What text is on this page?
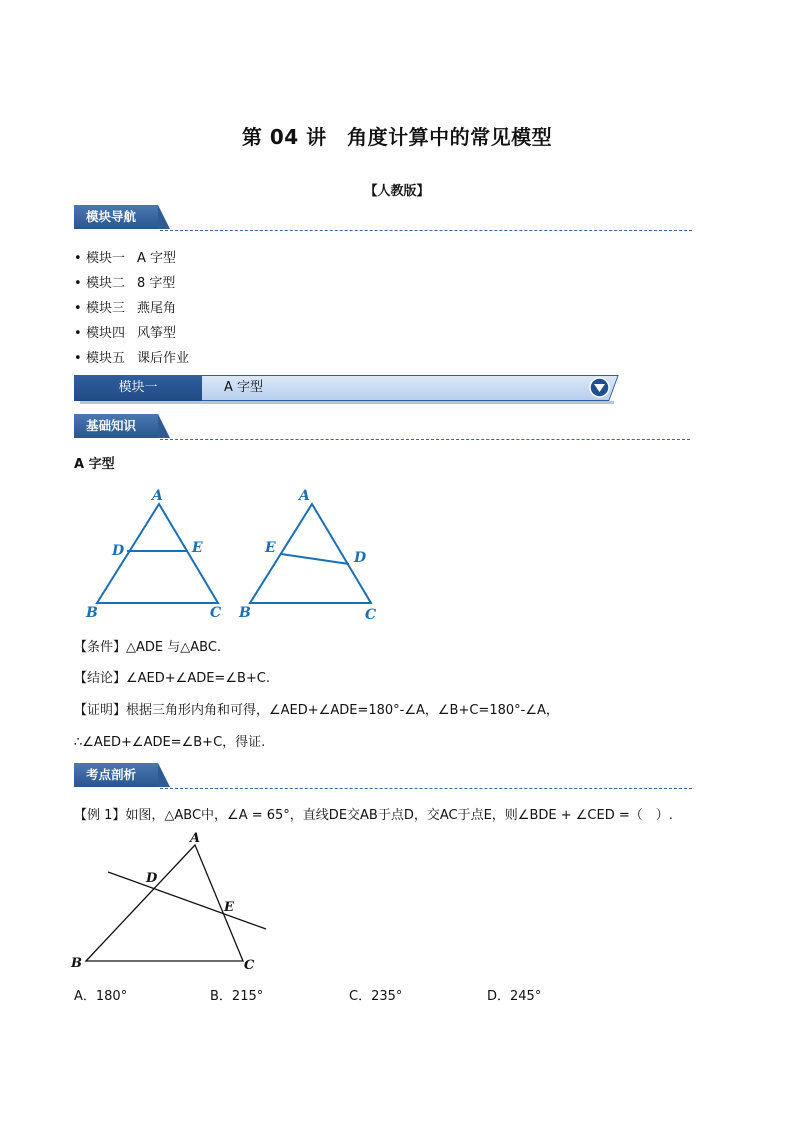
第 04 讲　角度计算中的常见模型
【人教版】
模块导航
• 模块一 A 字型
• 模块二 8 字型
• 模块三 燕尾角
• 模块四 风筝型
• 模块五 课后作业
模块一	A 字型
基础知识
A 字型
A
B	C
D	E
A
B	C
D
E
【条件】△ADE 与△ABC.
【结论】∠AED+∠ADE=∠B+C.
【证明】根据三角形内角和可得，∠AED+∠ADE=180°-∠A，∠B+C=180°-∠A，
∴∠AED+∠ADE=∠B+C，得证.
考点剖析
【例 1】如图，△ABC中，∠A = 65°，直线DE交AB于点D，交AC于点E，则∠BDE + ∠CED =（　）.
A
B	C
D
E
A．180°	B．215°	C．235°	D．245°
